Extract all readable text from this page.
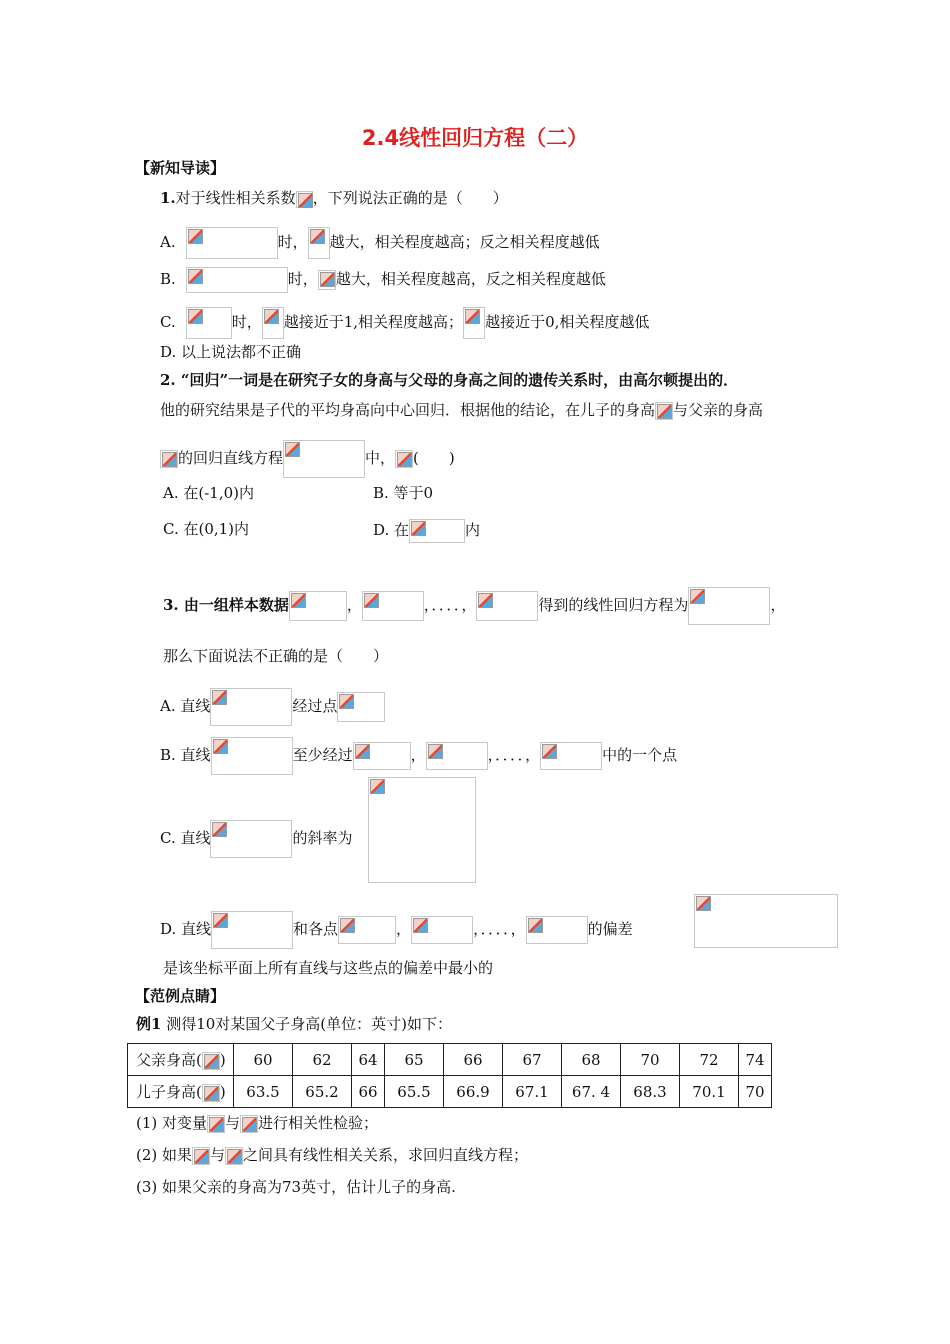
2.4线性回归方程（二）
【新知导读】
1.对于线性相关系数 ，下列说法正确的是（　　）
A.	时， 越大，相关程度越高；反之相关程度越低
B.	时， 越大，相关程度越高，反之相关程度越低
C.	时， 越接近于1,相关程度越高； 越接近于0,相关程度越低
D. 以上说法都不正确
2. “回归”一词是在研究子女的身高与父母的身高之间的遗传关系时，由高尔顿提出的．
他的研究结果是子代的平均身高向中心回归．根据他的结论，在儿子的身高 与父亲的身高
的回归直线方程	中， (　　)
A. 在(-1,0)内	B. 等于0
C. 在(0,1)内	D. 在	内
3. 由一组样本数据	，	，．．．．，	得到的线性回归方程为	，
那么下面说法不正确的是（　　）
A. 直线	经过点
B. 直线	至少经过	，	，．．．．，	中的一个点
C. 直线	的斜率为
D. 直线	和各点	，	，．．．．，	的偏差
是该坐标平面上所有直线与这些点的偏差中最小的
【范例点睛】
例1 测得10对某国父子身高(单位：英寸)如下：
父亲身高( )	60	62	64	65	66	67	68	70	72	74
儿子身高( )	63.5	65.2	66	65.5	66.9	67.1	67. 4	68.3	70.1	70
(1) 对变量 与 进行相关性检验；
(2) 如果 与 之间具有线性相关关系，求回归直线方程；
(3) 如果父亲的身高为73英寸，估计儿子的身高.
